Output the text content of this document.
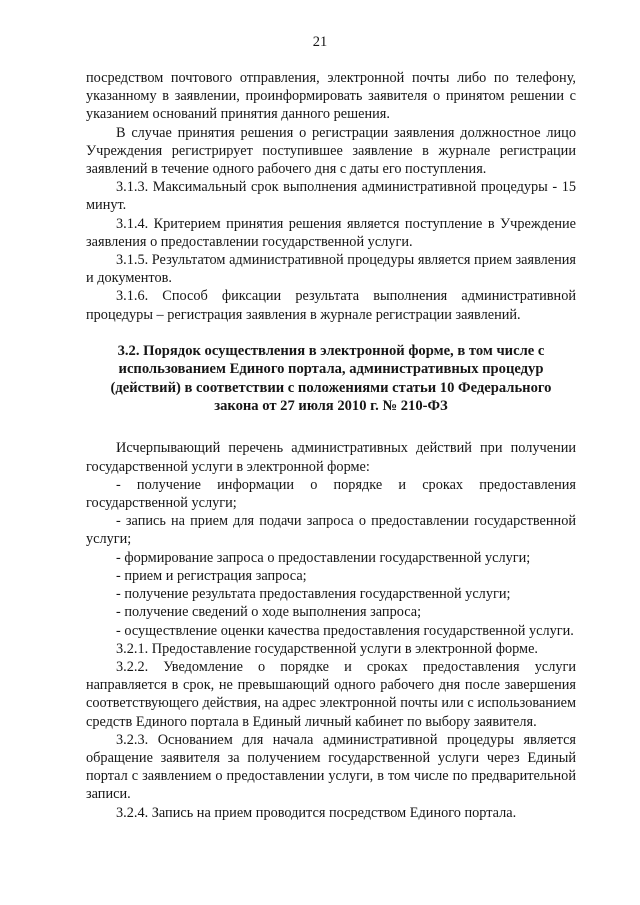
21

посредством почтового отправления, электронной почты либо по телефону, указанному в заявлении, проинформировать заявителя о принятом решении с указанием оснований принятия данного решения.

В случае принятия решения о регистрации заявления должностное лицо Учреждения регистрирует поступившее заявление в журнале регистрации заявлений в течение одного рабочего дня с даты его поступления.

3.1.3. Максимальный срок выполнения административной процедуры - 15 минут.

3.1.4. Критерием принятия решения является поступление в Учреждение заявления о предоставлении государственной услуги.

3.1.5. Результатом административной процедуры является прием заявления и документов.

3.1.6. Способ фиксации результата выполнения административной процедуры – регистрация заявления в журнале регистрации заявлений.

3.2. Порядок осуществления в электронной форме, в том числе с использованием Единого портала, административных процедур (действий) в соответствии с положениями статьи 10 Федерального закона от 27 июля 2010 г. № 210-ФЗ

Исчерпывающий перечень административных действий при получении государственной услуги в электронной форме:

- получение информации о порядке и сроках предоставления государственной услуги;

- запись на прием для подачи запроса о предоставлении государственной услуги;

- формирование запроса о предоставлении государственной услуги;

- прием и регистрация запроса;

- получение результата предоставления государственной услуги;

- получение сведений о ходе выполнения запроса;

- осуществление оценки качества предоставления государственной услуги.

3.2.1. Предоставление государственной услуги в электронной форме.

3.2.2. Уведомление о порядке и сроках предоставления услуги направляется в срок, не превышающий одного рабочего дня после завершения соответствующего действия, на адрес электронной почты или с использованием средств Единого портала в Единый личный кабинет по выбору заявителя.

3.2.3. Основанием для начала административной процедуры является обращение заявителя за получением государственной услуги через Единый портал с заявлением о предоставлении услуги, в том числе по предварительной записи.

3.2.4. Запись на прием проводится посредством Единого портала.
